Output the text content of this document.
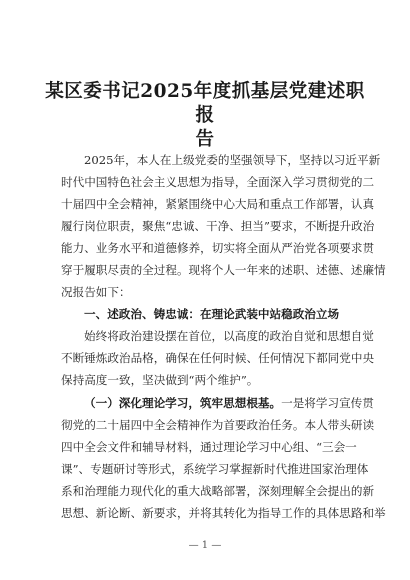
某区委书记2025年度抓基层党建述职报
告
2025年，本人在上级党委的坚强领导下，坚持以习近平新
时代中国特色社会主义思想为指导，全面深入学习贯彻党的二
十届四中全会精神，紧紧围绕中心大局和重点工作部署，认真
履行岗位职责，聚焦“忠诚、干净、担当”要求，不断提升政治
能力、业务水平和道德修养，切实将全面从严治党各项要求贯
穿于履职尽责的全过程。现将个人一年来的述职、述德、述廉情
况报告如下：
一、述政治、铸忠诚：在理论武装中站稳政治立场
始终将政治建设摆在首位，以高度的政治自觉和思想自觉
不断锤炼政治品格，确保在任何时候、任何情况下都同党中央
保持高度一致，坚决做到“两个维护”。
（一）深化理论学习，筑牢思想根基。一是将学习宣传贯
彻党的二十届四中全会精神作为首要政治任务。本人带头研读
四中全会文件和辅导材料，通过理论学习中心组、“三会一
课”、专题研讨等形式，系统学习掌握新时代推进国家治理体
系和治理能力现代化的重大战略部署，深刻理解全会提出的新
思想、新论断、新要求，并将其转化为指导工作的具体思路和举
— 1 —
